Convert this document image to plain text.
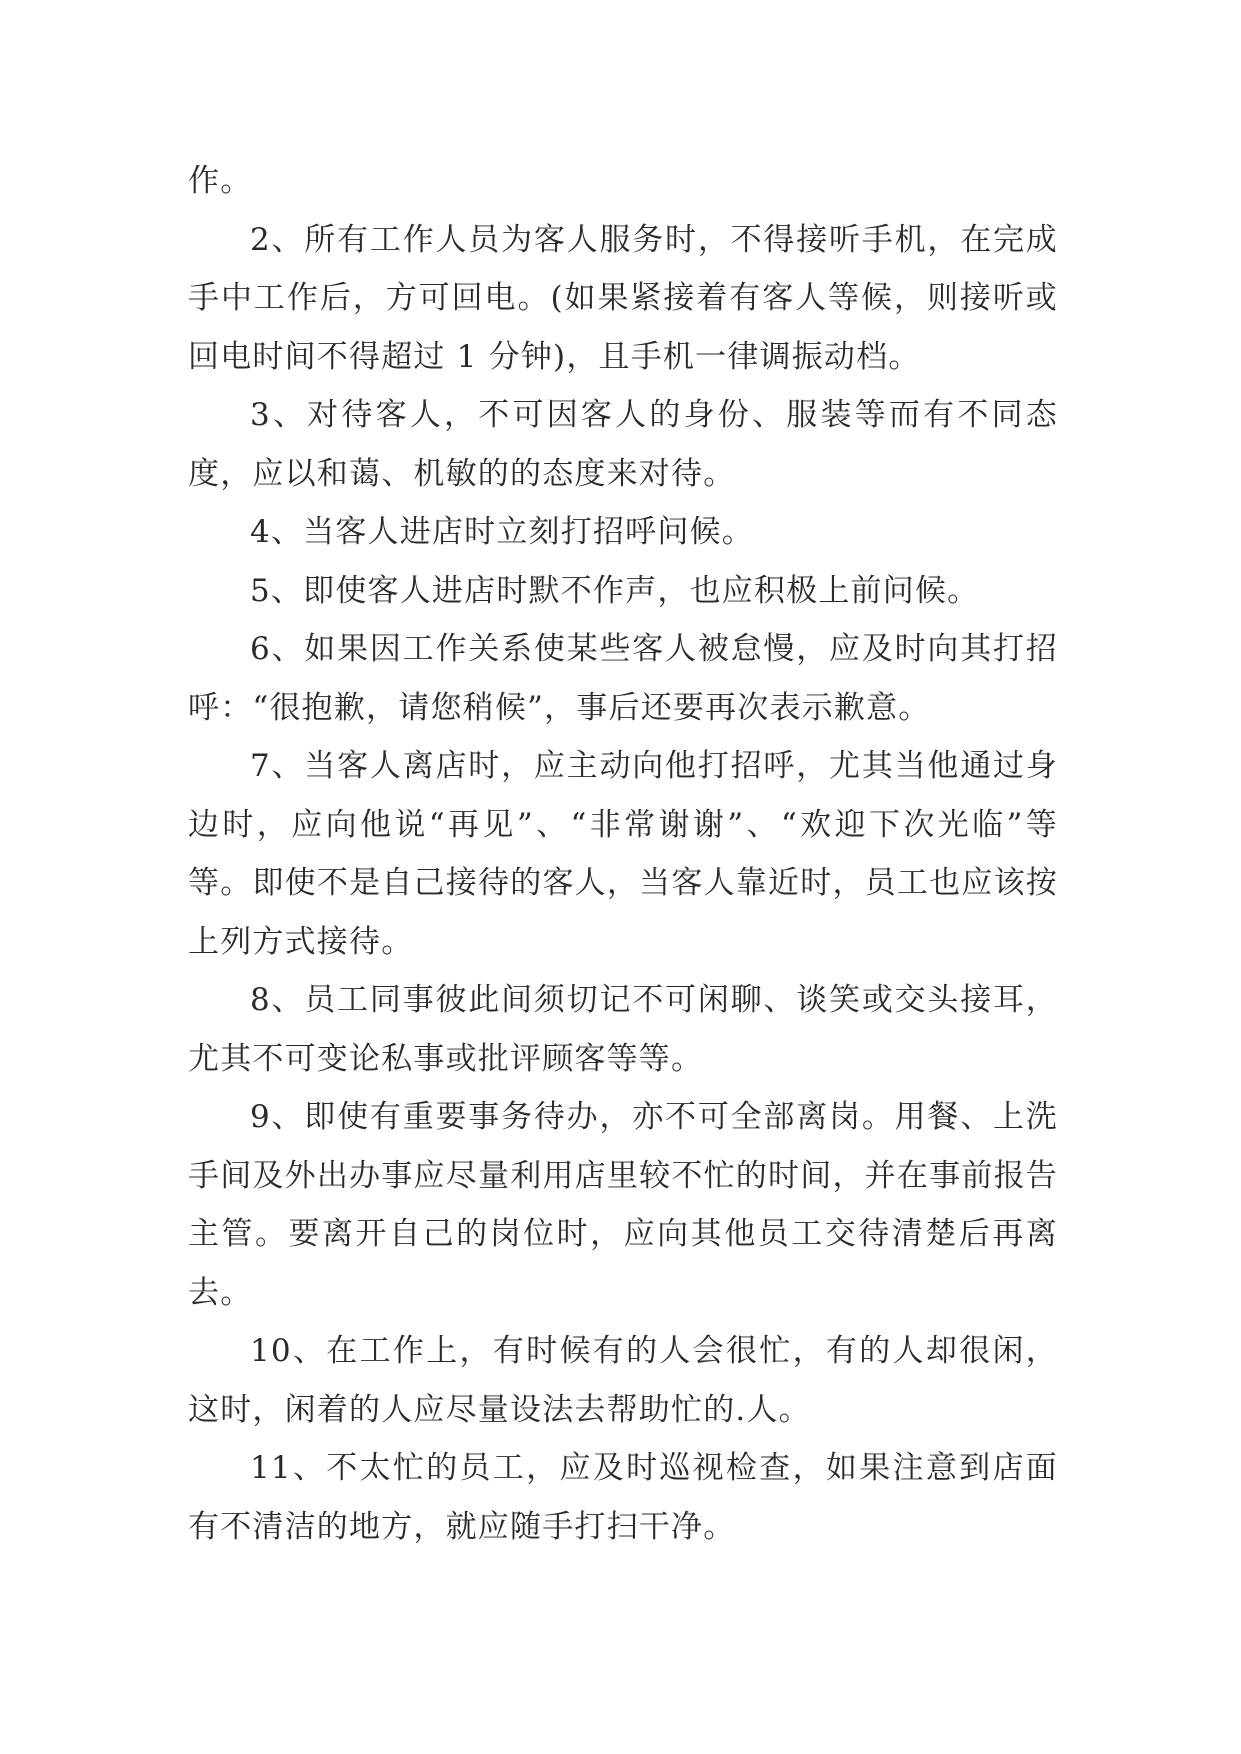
作。

2、所有工作人员为客人服务时，不得接听手机，在完成手中工作后，方可回电。(如果紧接着有客人等候，则接听或回电时间不得超过 1 分钟)，且手机一律调振动档。

3、对待客人，不可因客人的身份、服装等而有不同态度，应以和蔼、机敏的的态度来对待。

4、当客人进店时立刻打招呼问候。

5、即使客人进店时默不作声，也应积极上前问候。

6、如果因工作关系使某些客人被怠慢，应及时向其打招呼：“很抱歉，请您稍候”，事后还要再次表示歉意。

7、当客人离店时，应主动向他打招呼，尤其当他通过身边时，应向他说“再见”、“非常谢谢”、“欢迎下次光临”等等。即使不是自己接待的客人，当客人靠近时，员工也应该按上列方式接待。

8、员工同事彼此间须切记不可闲聊、谈笑或交头接耳，尤其不可变论私事或批评顾客等等。

9、即使有重要事务待办，亦不可全部离岗。用餐、上洗手间及外出办事应尽量利用店里较不忙的时间，并在事前报告主管。要离开自己的岗位时，应向其他员工交待清楚后再离去。

10、在工作上，有时候有的人会很忙，有的人却很闲，这时，闲着的人应尽量设法去帮助忙的.人。

11、不太忙的员工，应及时巡视检查，如果注意到店面有不清洁的地方，就应随手打扫干净。
